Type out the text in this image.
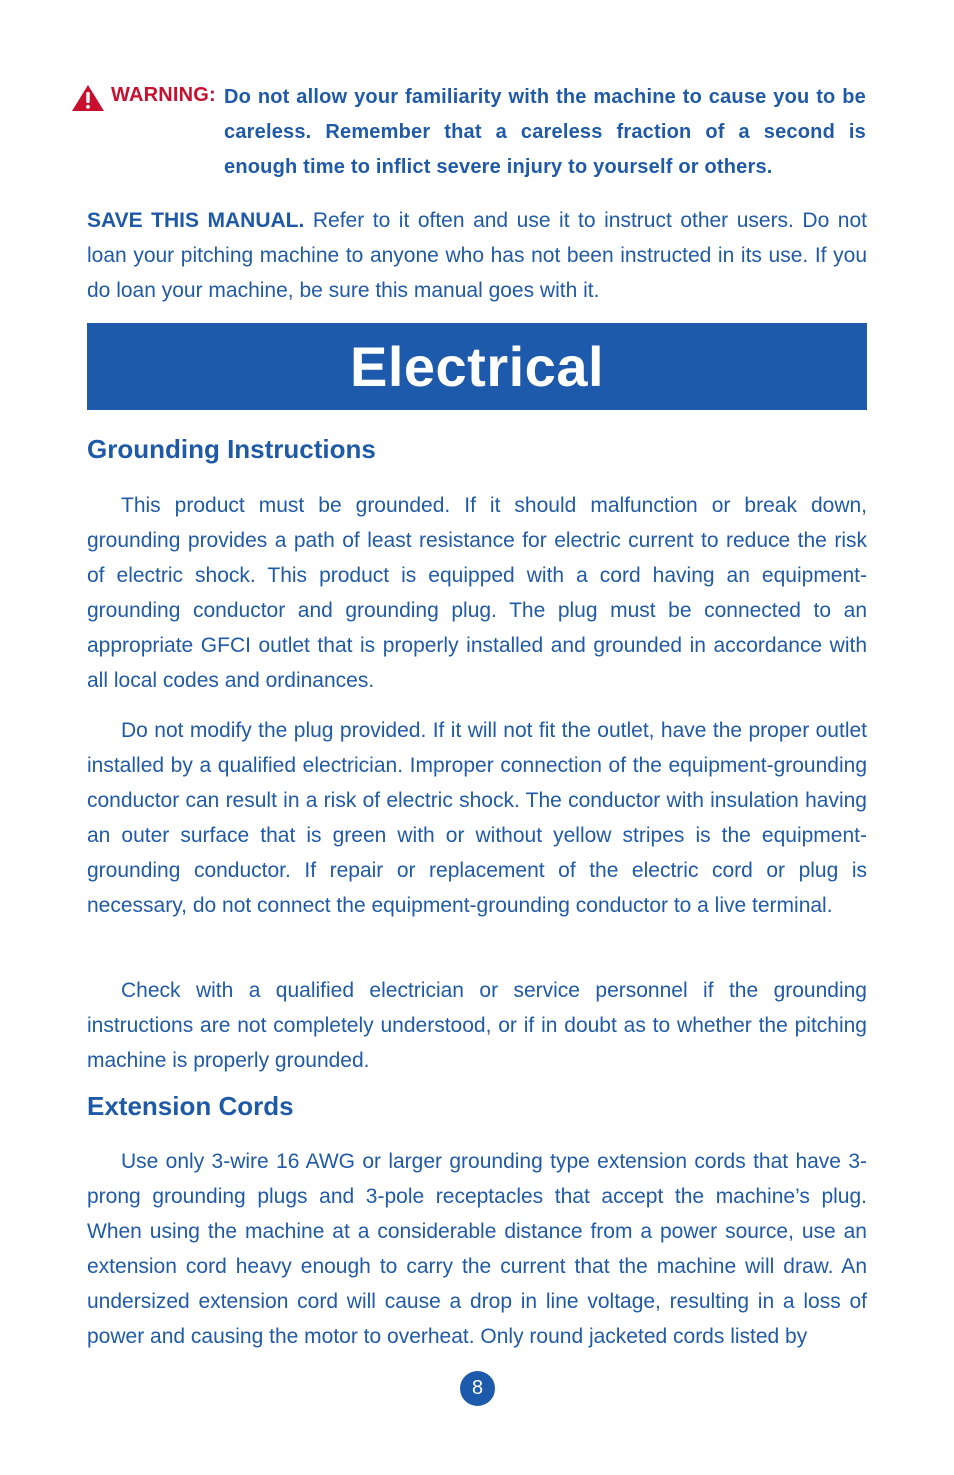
WARNING: Do not allow your familiarity with the machine to cause you to be careless. Remember that a careless fraction of a second is enough time to inflict severe injury to yourself or others.

SAVE THIS MANUAL. Refer to it often and use it to instruct other users. Do not loan your pitching machine to anyone who has not been instructed in its use. If you do loan your machine, be sure this manual goes with it.

Electrical
Grounding Instructions

This product must be grounded. If it should malfunction or break down, grounding provides a path of least resistance for electric current to reduce the risk of electric shock. This product is equipped with a cord having an equipment-grounding conductor and grounding plug. The plug must be connected to an appropriate GFCI outlet that is properly installed and grounded in accordance with all local codes and ordinances.

Do not modify the plug provided. If it will not fit the outlet, have the proper outlet installed by a qualified electrician. Improper connection of the equipment-grounding conductor can result in a risk of electric shock. The conductor with insulation having an outer surface that is green with or without yellow stripes is the equipment-grounding conductor. If repair or replacement of the electric cord or plug is necessary, do not connect the equipment-grounding conductor to a live terminal.

Check with a qualified electrician or service personnel if the grounding instructions are not completely understood, or if in doubt as to whether the pitching machine is properly grounded.

Extension Cords

Use only 3-wire 16 AWG or larger grounding type extension cords that have 3-prong grounding plugs and 3-pole receptacles that accept the machine’s plug. When using the machine at a considerable distance from a power source, use an extension cord heavy enough to carry the current that the machine will draw. An undersized extension cord will cause a drop in line voltage, resulting in a loss of power and causing the motor to overheat. Only round jacketed cords listed by

8
